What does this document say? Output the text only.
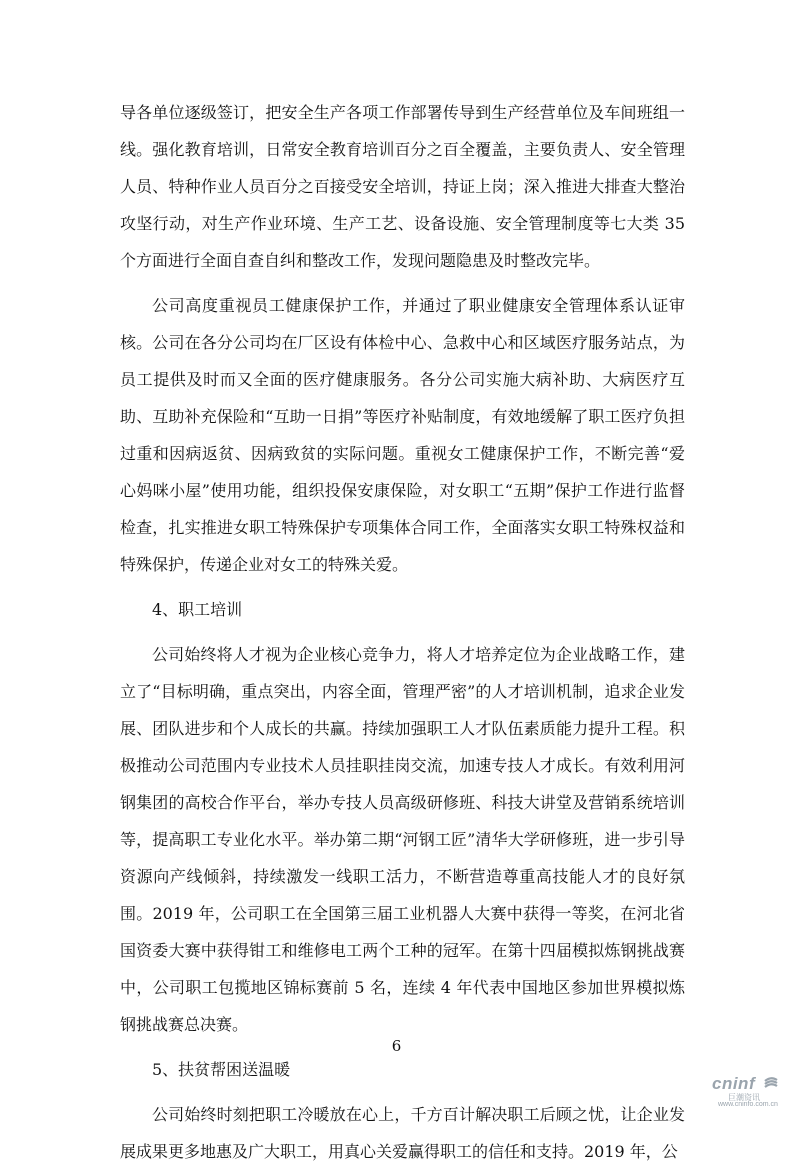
导各单位逐级签订，把安全生产各项工作部署传导到生产经营单位及车间班组一线。强化教育培训，日常安全教育培训百分之百全覆盖，主要负责人、安全管理人员、特种作业人员百分之百接受安全培训，持证上岗；深入推进大排查大整治攻坚行动，对生产作业环境、生产工艺、设备设施、安全管理制度等七大类 35 个方面进行全面自查自纠和整改工作，发现问题隐患及时整改完毕。

公司高度重视员工健康保护工作，并通过了职业健康安全管理体系认证审核。公司在各分公司均在厂区设有体检中心、急救中心和区域医疗服务站点，为员工提供及时而又全面的医疗健康服务。各分公司实施大病补助、大病医疗互助、互助补充保险和“互助一日捐”等医疗补贴制度，有效地缓解了职工医疗负担过重和因病返贫、因病致贫的实际问题。重视女工健康保护工作，不断完善“爱心妈咪小屋”使用功能，组织投保安康保险，对女职工“五期”保护工作进行监督检查，扎实推进女职工特殊保护专项集体合同工作，全面落实女职工特殊权益和特殊保护，传递企业对女工的特殊关爱。

4、职工培训

公司始终将人才视为企业核心竞争力，将人才培养定位为企业战略工作，建立了“目标明确，重点突出，内容全面，管理严密”的人才培训机制，追求企业发展、团队进步和个人成长的共赢。持续加强职工人才队伍素质能力提升工程。积极推动公司范围内专业技术人员挂职挂岗交流，加速专技人才成长。有效利用河钢集团的高校合作平台，举办专技人员高级研修班、科技大讲堂及营销系统培训等，提高职工专业化水平。举办第二期“河钢工匠”清华大学研修班，进一步引导资源向产线倾斜，持续激发一线职工活力，不断营造尊重高技能人才的良好氛围。2019 年，公司职工在全国第三届工业机器人大赛中获得一等奖，在河北省国资委大赛中获得钳工和维修电工两个工种的冠军。在第十四届模拟炼钢挑战赛中，公司职工包揽地区锦标赛前 5 名，连续 4 年代表中国地区参加世界模拟炼钢挑战赛总决赛。

5、扶贫帮困送温暖

公司始终时刻把职工冷暖放在心上，千方百计解决职工后顾之忧，让企业发展成果更多地惠及广大职工，用真心关爱赢得职工的信任和支持。2019 年，公

6
cninf
巨潮资讯
www.cninfo.com.cn
